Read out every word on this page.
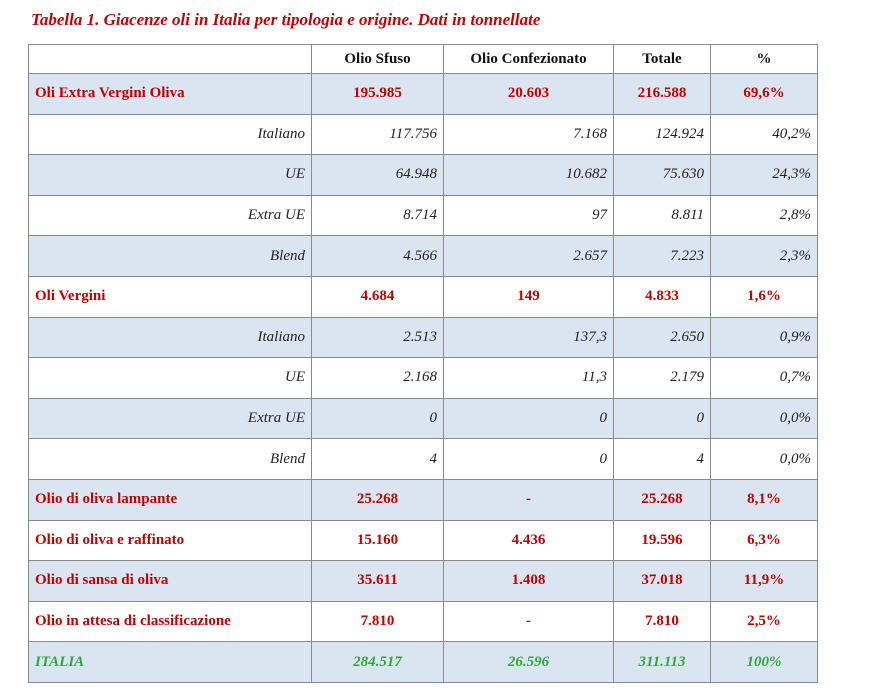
Tabella 1. Giacenze oli in Italia per tipologia e origine. Dati in tonnellate
	Olio Sfuso	Olio Confezionato	Totale	%
Oli Extra Vergini Oliva	195.985	20.603	216.588	69,6%
Italiano	117.756	7.168	124.924	40,2%
UE	64.948	10.682	75.630	24,3%
Extra UE	8.714	97	8.811	2,8%
Blend	4.566	2.657	7.223	2,3%
Oli Vergini	4.684	149	4.833	1,6%
Italiano	2.513	137,3	2.650	0,9%
UE	2.168	11,3	2.179	0,7%
Extra UE	0	0	0	0,0%
Blend	4	0	4	0,0%
Olio di oliva lampante	25.268	-	25.268	8,1%
Olio di oliva e raffinato	15.160	4.436	19.596	6,3%
Olio di sansa di oliva	35.611	1.408	37.018	11,9%
Olio in attesa di classificazione	7.810	-	7.810	2,5%
ITALIA	284.517	26.596	311.113	100%
